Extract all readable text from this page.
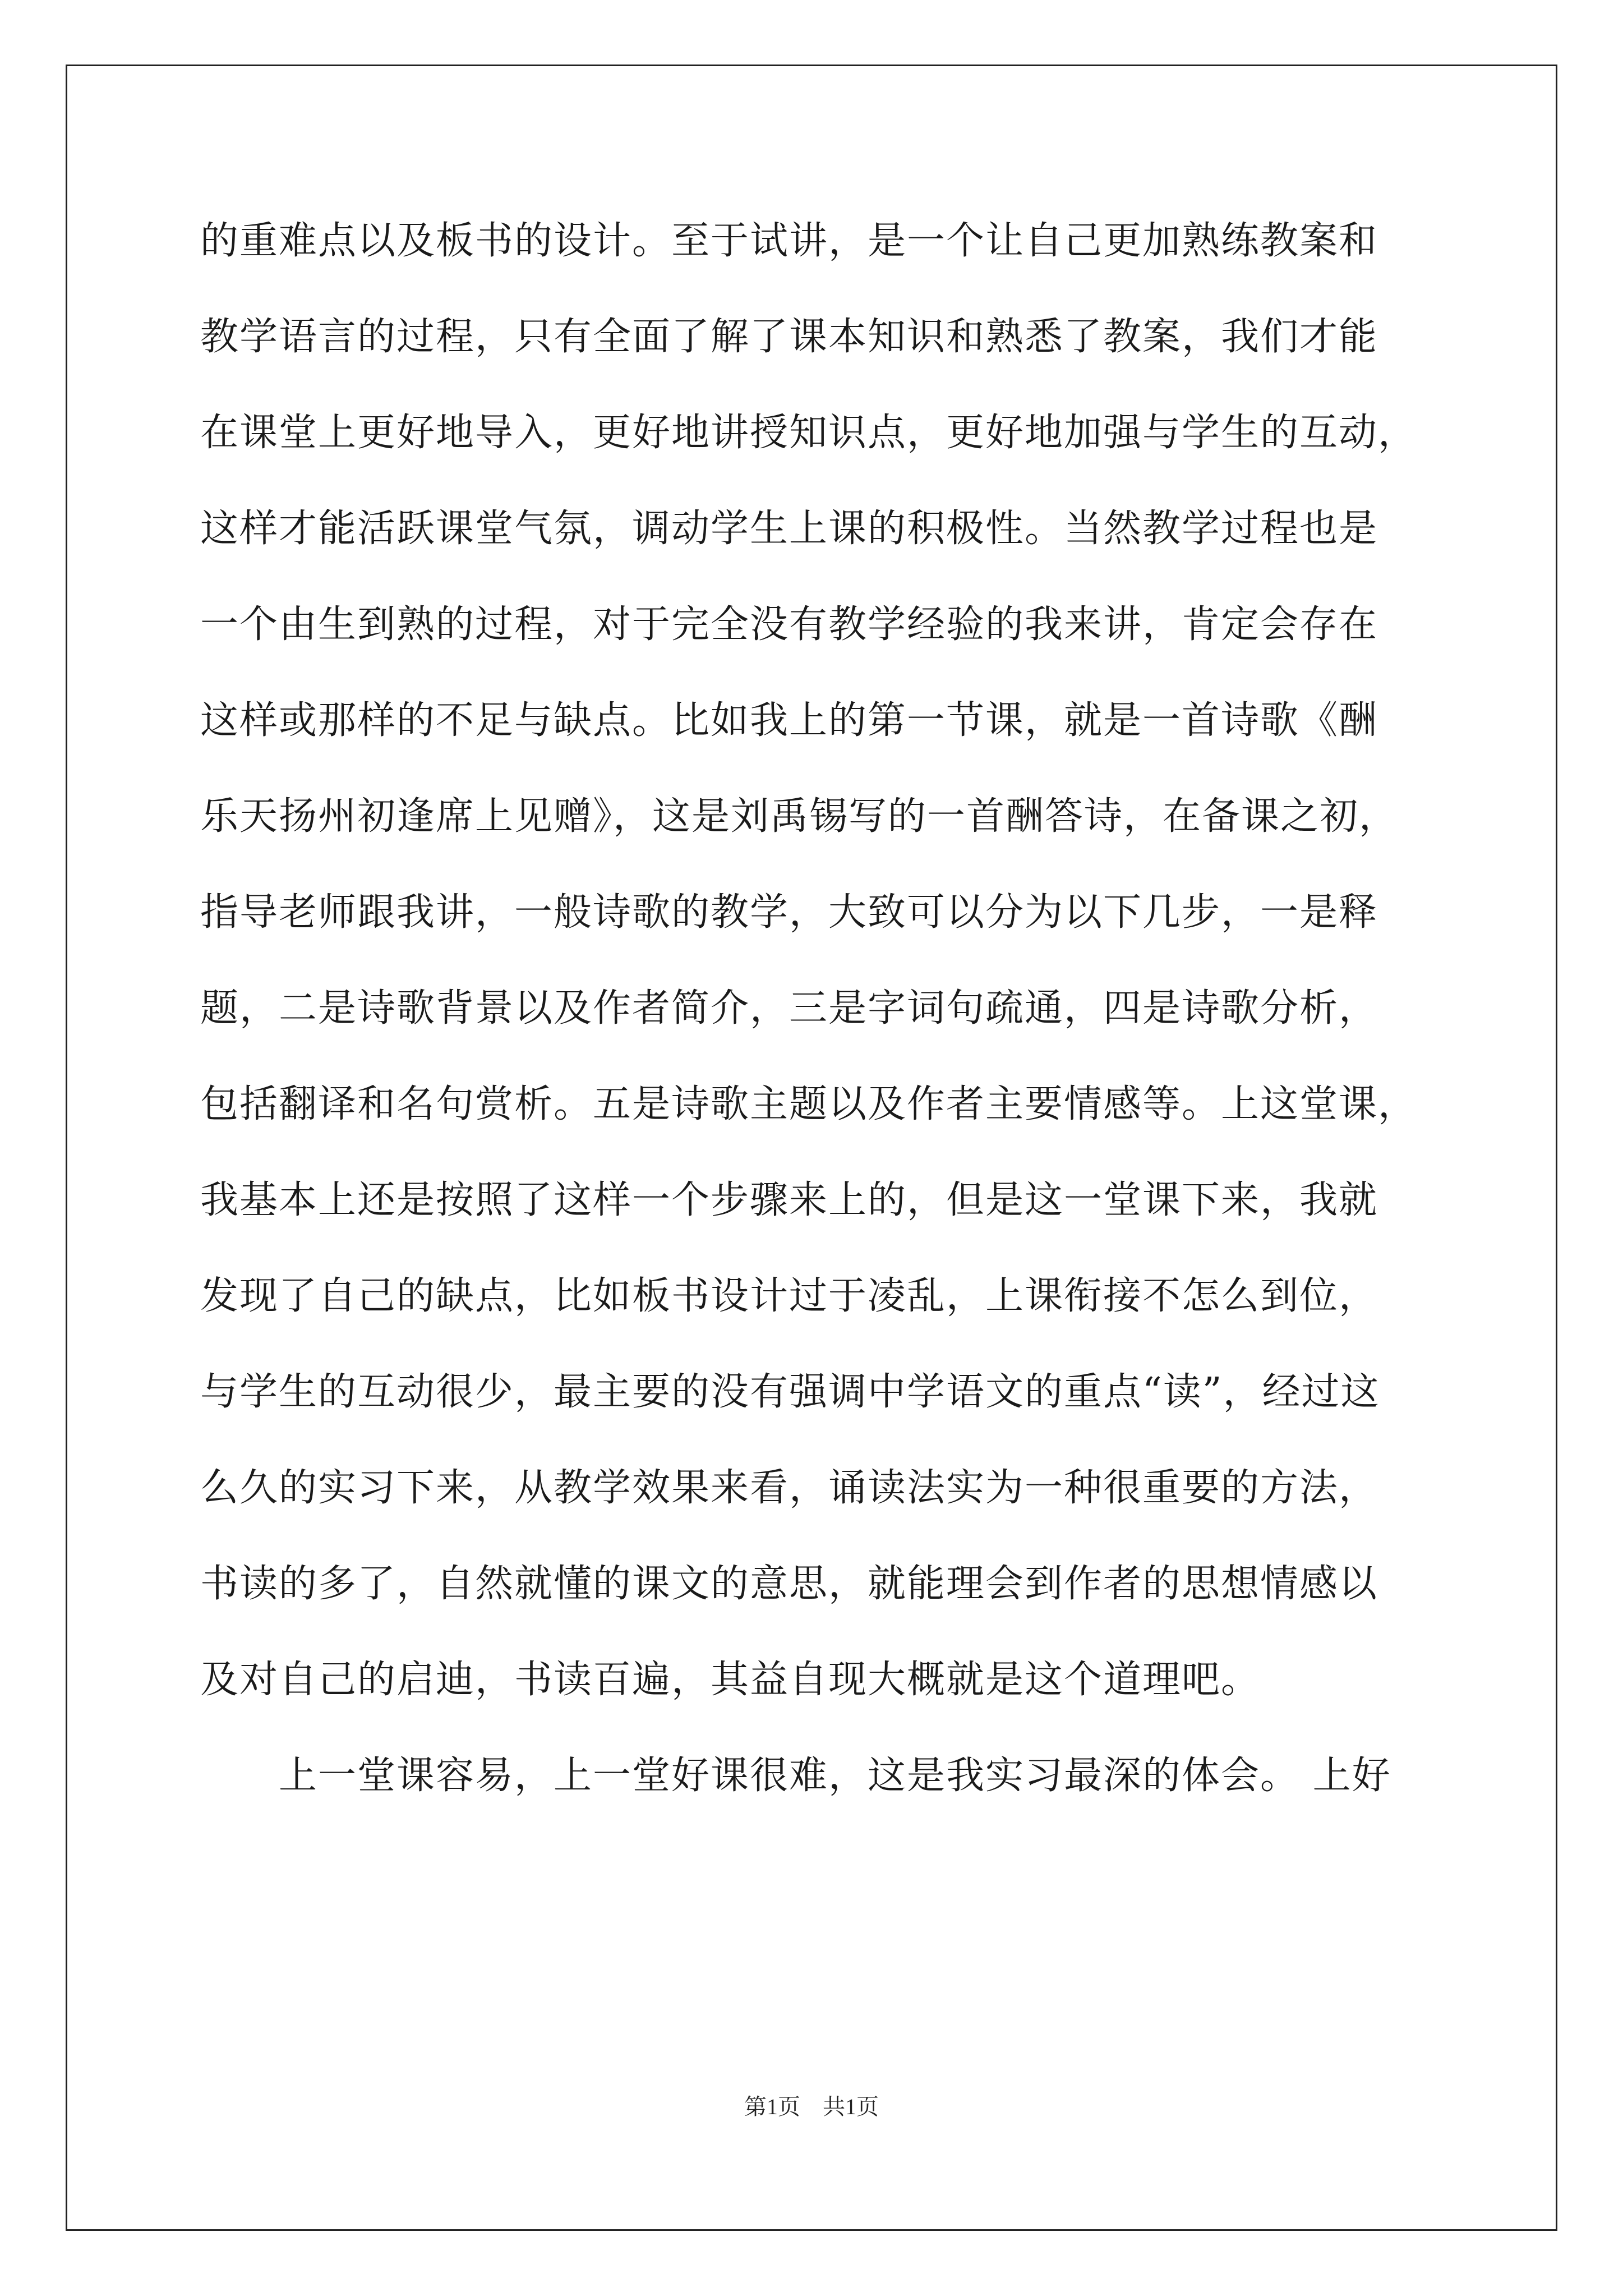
的重难点以及板书的设计。至于试讲，是一个让自己更加熟练教案和
教学语言的过程，只有全面了解了课本知识和熟悉了教案，我们才能
在课堂上更好地导入，更好地讲授知识点，更好地加强与学生的互动，
这样才能活跃课堂气氛，调动学生上课的积极性。当然教学过程也是
一个由生到熟的过程，对于完全没有教学经验的我来讲，肯定会存在
这样或那样的不足与缺点。比如我上的第一节课，就是一首诗歌《酬
乐天扬州初逢席上见赠》，这是刘禹锡写的一首酬答诗，在备课之初，
指导老师跟我讲，一般诗歌的教学，大致可以分为以下几步，一是释
题，二是诗歌背景以及作者简介，三是字词句疏通，四是诗歌分析，
包括翻译和名句赏析。五是诗歌主题以及作者主要情感等。上这堂课，
我基本上还是按照了这样一个步骤来上的，但是这一堂课下来，我就
发现了自己的缺点，比如板书设计过于凌乱，上课衔接不怎么到位，
与学生的互动很少，最主要的没有强调中学语文的重点“读”，经过这
么久的实习下来，从教学效果来看，诵读法实为一种很重要的方法，
书读的多了，自然就懂的课文的意思，就能理会到作者的思想情感以
及对自己的启迪，书读百遍，其益自现大概就是这个道理吧。
上一堂课容易，上一堂好课很难，这是我实习最深的体会。 上好
第1页 共1页
